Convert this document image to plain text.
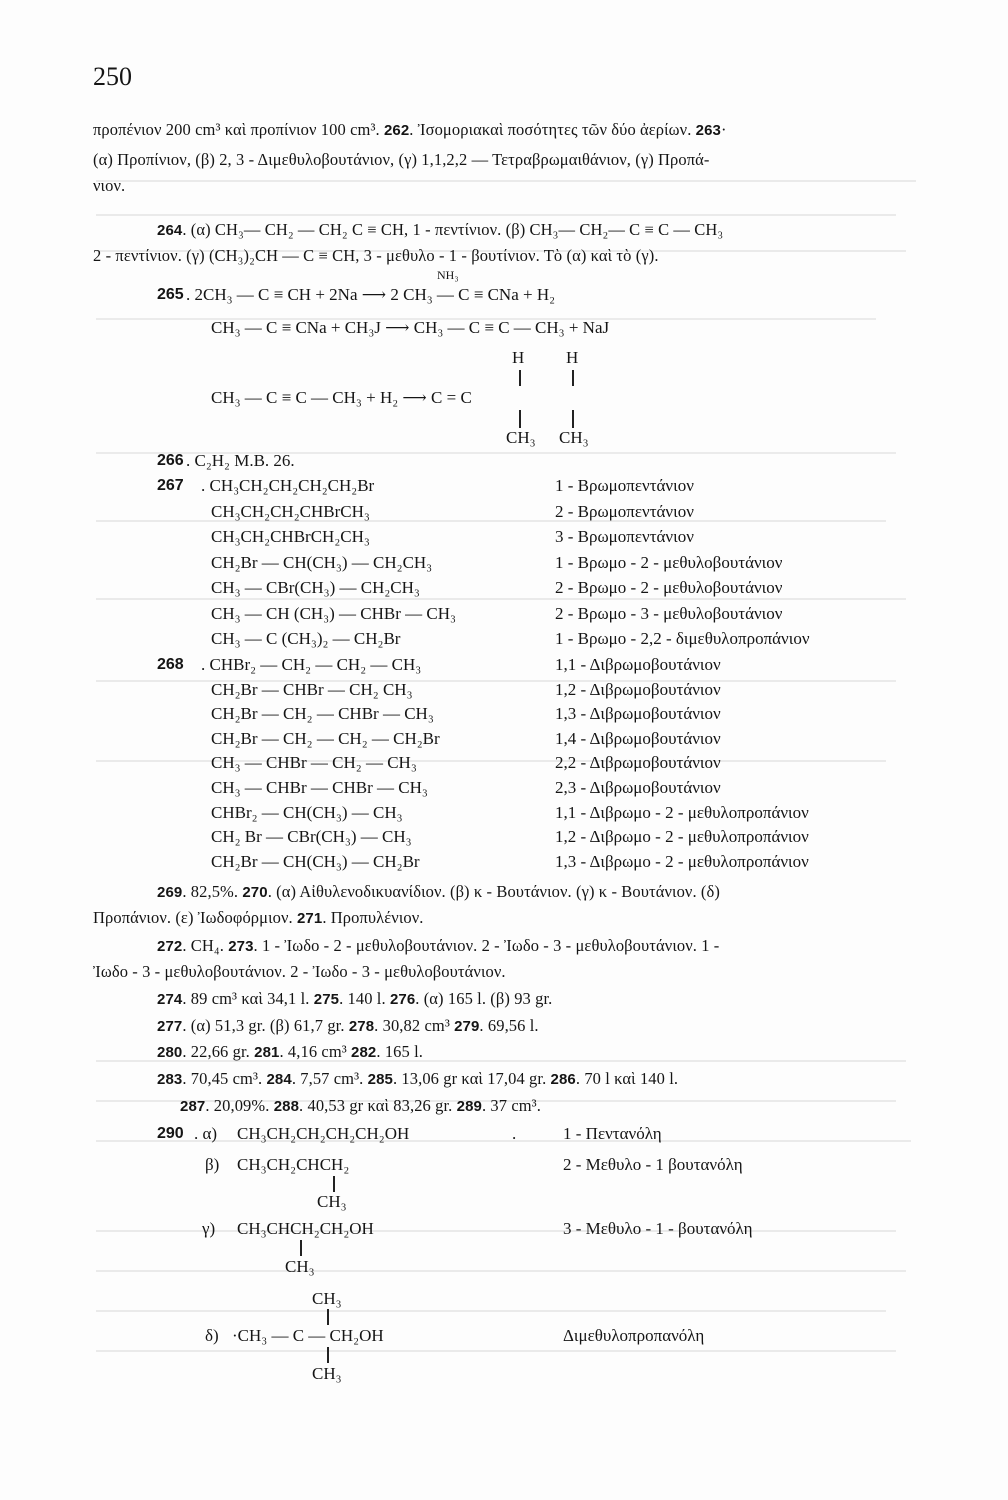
250
προπένιον 200 cm³ καὶ προπίνιον 100 cm³. 262. Ἰσομοριακαὶ ποσότητες τῶν δύο ἀερίων. 263·
(α) Προπίνιον, (β) 2, 3 - Διμεθυλοβουτάνιον, (γ) 1,1,2,2 — Τετραβρωμαιθάνιον, (γ) Προπά-
νιον.
264. (α) CH₃— CH₂ — CH₂ C ≡ CH, 1 - πεντίνιον. (β) CH₃— CH₂— C ≡ C — CH₃
2 - πεντίνιον. (γ) (CH₃)₂CH — C ≡ CH, 3 - μεθυλο - 1 - βουτίνιον. Τὸ (α) καὶ τὸ (γ).
265
NH₃
. 2CH₃ — C ≡ CH + 2Na ⟶ 2 CH₃ — C ≡ CNa + H₂
CH₃ — C ≡ CNa + CH₃J ⟶ CH₃ — C ≡ C — CH₃ + NaJ
H H
CH₃ — C ≡ C — CH₃ + H₂ ⟶ C = C
CH₃ CH₃
266 . C₂H₂ M.B. 26.
267 . CH₃CH₂CH₂CH₂CH₂Br	1 - Βρωμοπεντάνιον
CH₃CH₂CH₂CHBrCH₃	2 - Βρωμοπεντάνιον
CH₃CH₂CHBrCH₂CH₃	3 - Βρωμοπεντάνιον
CH₂Br — CH(CH₃) — CH₂CH₃	1 - Βρωμο - 2 - μεθυλοβουτάνιον
CH₃ — CBr(CH₃) — CH₂CH₃	2 - Βρωμο - 2 - μεθυλοβουτάνιον
CH₃ — CH (CH₃) — CHBr — CH₃	2 - Βρωμο - 3 - μεθυλοβουτάνιον
CH₃ — C (CH₃)₂ — CH₂Br	1 - Βρωμο - 2,2 - διμεθυλοπροπάνιον
268 . CHBr₂ — CH₂ — CH₂ — CH₃	1,1 - Διβρωμοβουτάνιον
CH₂Br — CHBr — CH₂ CH₃	1,2 - Διβρωμοβουτάνιον
CH₂Br — CH₂ — CHBr — CH₃	1,3 - Διβρωμοβουτάνιον
CH₂Br — CH₂ — CH₂ — CH₂Br	1,4 - Διβρωμοβουτάνιον
CH₃ — CHBr — CH₂ — CH₃	2,2 - Διβρωμοβουτάνιον
CH₃ — CHBr — CHBr — CH₃	2,3 - Διβρωμοβουτάνιον
CHBr₂ — CH(CH₃) — CH₃	1,1 - Διβρωμο - 2 - μεθυλοπροπάνιον
CH₂ Br — CBr(CH₃) — CH₃	1,2 - Διβρωμο - 2 - μεθυλοπροπάνιον
CH₂Br — CH(CH₃) — CH₂Br	1,3 - Διβρωμο - 2 - μεθυλοπροπάνιον
269. 82,5%. 270. (α) Αἰθυλενοδικυανίδιον. (β) κ - Βουτάνιον. (γ) κ - Βουτάνιον. (δ)
Προπάνιον. (ε) Ἰωδοφόρμιον. 271. Προπυλένιον.
272. CH₄. 273. 1 - Ἰωδο - 2 - μεθυλοβουτάνιον. 2 - Ἰωδο - 3 - μεθυλοβουτάνιον. 1 -
Ἰωδο - 3 - μεθυλοβουτάνιον. 2 - Ἰωδο - 3 - μεθυλοβουτάνιον.
274. 89 cm³ καὶ 34,1 l. 275. 140 l. 276. (α) 165 l. (β) 93 gr.
277. (α) 51,3 gr. (β) 61,7 gr. 278. 30,82 cm³ 279. 69,56 l.
280. 22,66 gr. 281. 4,16 cm³ 282. 165 l.
283. 70,45 cm³. 284. 7,57 cm³. 285. 13,06 gr καὶ 17,04 gr. 286. 70 l καὶ 140 l.
287. 20,09%. 288. 40,53 gr καὶ 83,26 gr. 289. 37 cm³.
290 . α) CH₃CH₂CH₂CH₂CH₂OH	.	1 - Πεντανόλη
β) CH₃CH₂CHCH₂	2 - Μεθυλο - 1 βουτανόλη
CH₃
γ) CH₃CHCH₂CH₂OH	3 - Μεθυλο - 1 - βουτανόλη
CH₃
CH₃
δ) ·CH₃ — C — CH₂OH	Διμεθυλοπροπανόλη
CH₃
